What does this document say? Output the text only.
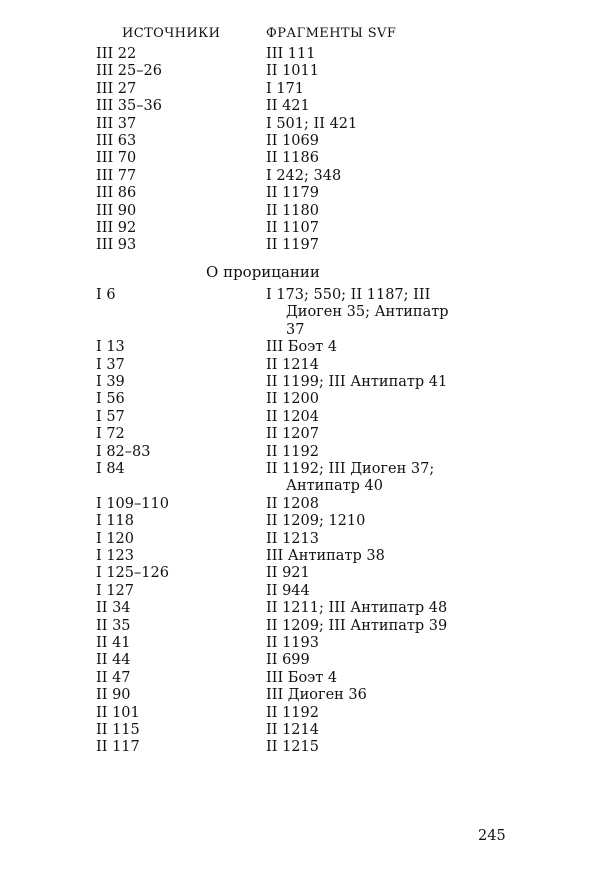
ИСТОЧНИКИ	ФРАГМЕНТЫ SVF
III 22	III 111
III 25–26	II 1011
III 27	I 171
III 35–36	II 421
III 37	I 501; II 421
III 63	II 1069
III 70	II 1186
III 77	I 242; 348
III 86	II 1179
III 90	II 1180
III 92	II 1107
III 93	II 1197
О прорицании
I 6	I 173; 550; II 1187; III Диоген 35; Антипатр 37
I 13	III Боэт 4
I 37	II 1214
I 39	II 1199; III Антипатр 41
I 56	II 1200
I 57	II 1204
I 72	II 1207
I 82–83	II 1192
I 84	II 1192; III Диоген 37; Антипатр 40
I 109–110	II 1208
I 118	II 1209; 1210
I 120	II 1213
I 123	III Антипатр 38
I 125–126	II 921
I 127	II 944
II 34	II 1211; III Антипатр 48
II 35	II 1209; III Антипатр 39
II 41	II 1193
II 44	II 699
II 47	III Боэт 4
II 90	III Диоген 36
II 101	II 1192
II 115	II 1214
II 117	II 1215
245
